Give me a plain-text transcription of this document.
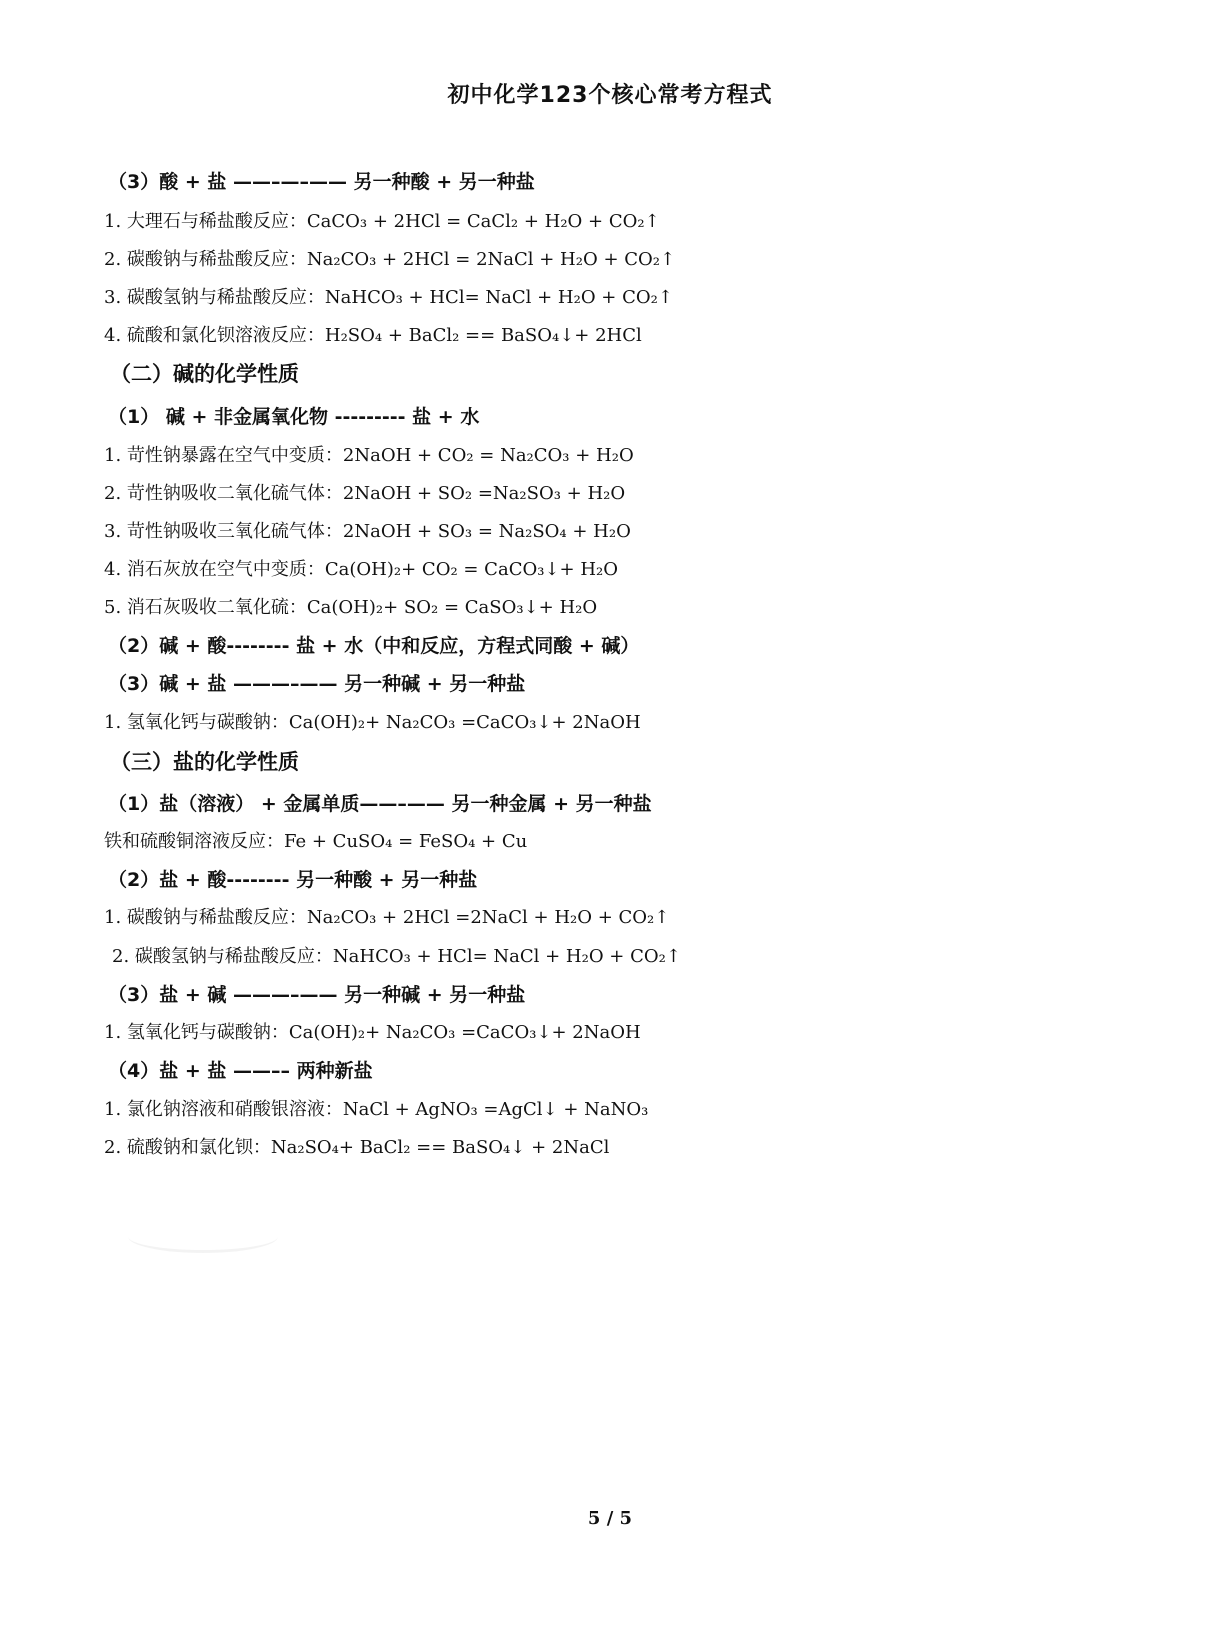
初中化学123个核心常考方程式
（3）酸 + 盐 ——–—–—— 另一种酸 + 另一种盐
1. 大理石与稀盐酸反应：CaCO₃ + 2HCl = CaCl₂ + H₂O + CO₂↑
2. 碳酸钠与稀盐酸反应：Na₂CO₃ + 2HCl = 2NaCl + H₂O + CO₂↑
3. 碳酸氢钠与稀盐酸反应：NaHCO₃ + HCl= NaCl + H₂O + CO₂↑
4. 硫酸和氯化钡溶液反应：H₂SO₄ + BaCl₂ == BaSO₄↓+ 2HCl
（二）碱的化学性质
（1） 碱 + 非金属氧化物 --------- 盐 + 水
1. 苛性钠暴露在空气中变质：2NaOH + CO₂ = Na₂CO₃ + H₂O
2. 苛性钠吸收二氧化硫气体：2NaOH + SO₂ =Na₂SO₃ + H₂O
3. 苛性钠吸收三氧化硫气体：2NaOH + SO₃ = Na₂SO₄ + H₂O
4. 消石灰放在空气中变质：Ca(OH)₂+ CO₂ = CaCO₃↓+ H₂O
5. 消石灰吸收二氧化硫：Ca(OH)₂+ SO₂ = CaSO₃↓+ H₂O
（2）碱 + 酸-------- 盐 + 水（中和反应，方程式同酸 + 碱）
（3）碱 + 盐 ———–—— 另一种碱 + 另一种盐
1. 氢氧化钙与碳酸钠：Ca(OH)₂+ Na₂CO₃ =CaCO₃↓+ 2NaOH
（三）盐的化学性质
（1）盐（溶液） + 金属单质——–—— 另一种金属 + 另一种盐
铁和硫酸铜溶液反应：Fe + CuSO₄ = FeSO₄ + Cu
（2）盐 + 酸-------- 另一种酸 + 另一种盐
1. 碳酸钠与稀盐酸反应：Na₂CO₃ + 2HCl =2NaCl + H₂O + CO₂↑
2. 碳酸氢钠与稀盐酸反应：NaHCO₃ + HCl= NaCl + H₂O + CO₂↑
（3）盐 + 碱 ———–—— 另一种碱 + 另一种盐
1. 氢氧化钙与碳酸钠：Ca(OH)₂+ Na₂CO₃ =CaCO₃↓+ 2NaOH
（4）盐 + 盐 ——–– 两种新盐
1. 氯化钠溶液和硝酸银溶液：NaCl + AgNO₃ =AgCl↓ + NaNO₃
2. 硫酸钠和氯化钡：Na₂SO₄+ BaCl₂ == BaSO₄↓ + 2NaCl
5 / 5
